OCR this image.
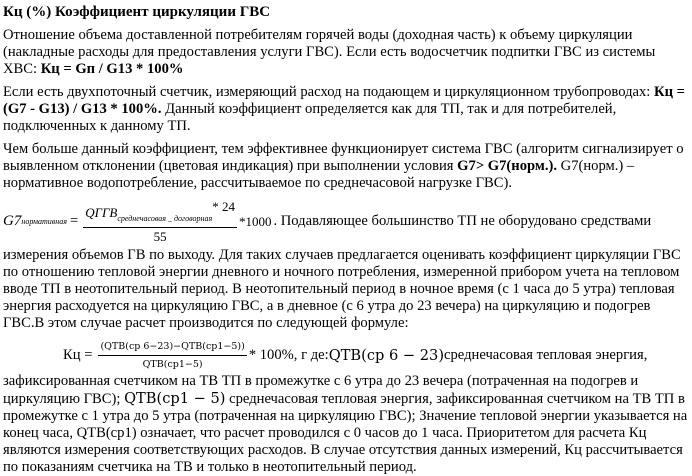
Кц (%) Коэффициент циркуляции ГВС

Отношение объема доставленной потребителям горячей воды (доходная часть) к объему циркуляции (накладные расходы для предоставления услуги ГВС). Если есть водосчетчик подпитки ГВС из системы ХВС: Кц = Gп / G13 * 100%

Если есть двухпоточный счетчик, измеряющий расход на подающем и циркуляционном трубопроводах: Кц = (G7 - G13) / G13 * 100%. Данный коэффициент определяется как для ТП, так и для потребителей, подключенных к данному ТП.

Чем больше данный коэффициент, тем эффективнее функционирует система ГВС (алгоритм сигнализирует о выявленном отклонении (цветовая индикация) при выполнении условия G7> G7(норм.). G7(норм.) – нормативное водопотребление, рассчитываемое по среднечасовой нагрузке ГВС).

G7 нормативная = $\frac{QГГВ_{среднечасовая \_ договорная}* 24}{55} *1000$ . Подавляющее большинство ТП не оборудовано средствами

измерения объемов ГВ по выходу. Для таких случаев предлагается оценивать коэффициент циркуляции ГВС по отношению тепловой энергии дневного и ночного потребления, измеренной прибором учета на тепловом вводе ТП в неотопительный период. В неотопительный период в ночное время (с 1 часа до 5 утра) тепловая энергия расходуется на циркуляцию ГВС, а в дневное (с 6 утра до 23 вечера) на циркуляцию и подогрев ГВС.В этом случае расчет производится по следующей формуле:

Кц = $\frac{\text{(QТВ(ср 6−23)−QТВ(ср1−5))}}{\text{QТВ(ср1−5)}} * 100\%$, г де: QТВ(ср 6 − 23) среднечасовая тепловая энергия,

зафиксированная счетчиком на ТВ ТП в промежутке с 6 утра до 23 вечера (потраченная на подогрев и циркуляцию ГВС); QТВ(ср1 − 5) среднечасовая тепловая энергия, зафиксированная счетчиком на ТВ ТП в промежутке с 1 утра до 5 утра (потраченная на циркуляцию ГВС); Значение тепловой энергии указывается на конец часа, QТВ(ср1) означает, что расчет проводился с 0 часов до 1 часа. Приоритетом для расчета Кц являются измерения соответствующих расходов. В случае отсутствия данных измерений, Кц рассчитывается по показаниям счетчика на ТВ и только в неотопительный период.
